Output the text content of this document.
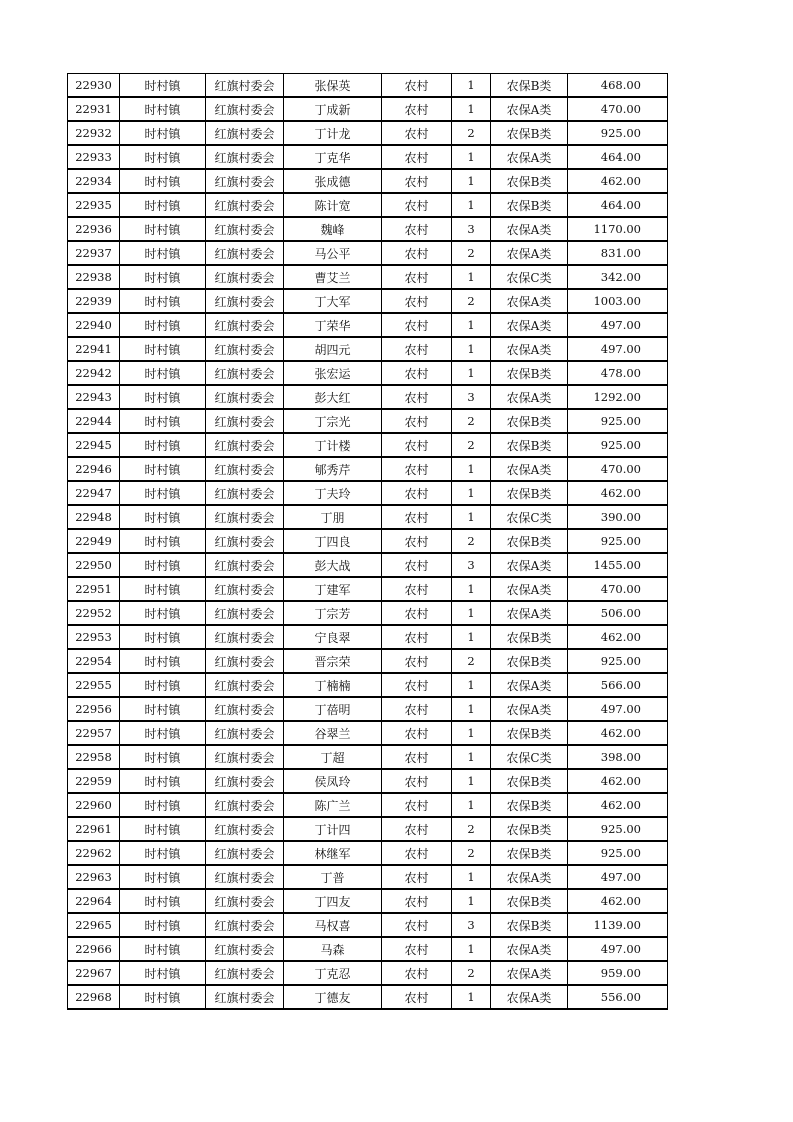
22930	时村镇	红旗村委会	张保英	农村	1	农保B类	468.00
22931	时村镇	红旗村委会	丁成新	农村	1	农保A类	470.00
22932	时村镇	红旗村委会	丁计龙	农村	2	农保B类	925.00
22933	时村镇	红旗村委会	丁克华	农村	1	农保A类	464.00
22934	时村镇	红旗村委会	张成德	农村	1	农保B类	462.00
22935	时村镇	红旗村委会	陈计宽	农村	1	农保B类	464.00
22936	时村镇	红旗村委会	魏峰	农村	3	农保A类	1170.00
22937	时村镇	红旗村委会	马公平	农村	2	农保A类	831.00
22938	时村镇	红旗村委会	曹艾兰	农村	1	农保C类	342.00
22939	时村镇	红旗村委会	丁大军	农村	2	农保A类	1003.00
22940	时村镇	红旗村委会	丁荣华	农村	1	农保A类	497.00
22941	时村镇	红旗村委会	胡四元	农村	1	农保A类	497.00
22942	时村镇	红旗村委会	张宏运	农村	1	农保B类	478.00
22943	时村镇	红旗村委会	彭大红	农村	3	农保A类	1292.00
22944	时村镇	红旗村委会	丁宗光	农村	2	农保B类	925.00
22945	时村镇	红旗村委会	丁计楼	农村	2	农保B类	925.00
22946	时村镇	红旗村委会	郇秀芹	农村	1	农保A类	470.00
22947	时村镇	红旗村委会	丁夫玲	农村	1	农保B类	462.00
22948	时村镇	红旗村委会	丁朋	农村	1	农保C类	390.00
22949	时村镇	红旗村委会	丁四良	农村	2	农保B类	925.00
22950	时村镇	红旗村委会	彭大战	农村	3	农保A类	1455.00
22951	时村镇	红旗村委会	丁建军	农村	1	农保A类	470.00
22952	时村镇	红旗村委会	丁宗芳	农村	1	农保A类	506.00
22953	时村镇	红旗村委会	宁良翠	农村	1	农保B类	462.00
22954	时村镇	红旗村委会	晋宗荣	农村	2	农保B类	925.00
22955	时村镇	红旗村委会	丁楠楠	农村	1	农保A类	566.00
22956	时村镇	红旗村委会	丁蓓明	农村	1	农保A类	497.00
22957	时村镇	红旗村委会	谷翠兰	农村	1	农保B类	462.00
22958	时村镇	红旗村委会	丁超	农村	1	农保C类	398.00
22959	时村镇	红旗村委会	侯凤玲	农村	1	农保B类	462.00
22960	时村镇	红旗村委会	陈广兰	农村	1	农保B类	462.00
22961	时村镇	红旗村委会	丁计四	农村	2	农保B类	925.00
22962	时村镇	红旗村委会	林继军	农村	2	农保B类	925.00
22963	时村镇	红旗村委会	丁普	农村	1	农保A类	497.00
22964	时村镇	红旗村委会	丁四友	农村	1	农保B类	462.00
22965	时村镇	红旗村委会	马权喜	农村	3	农保B类	1139.00
22966	时村镇	红旗村委会	马森	农村	1	农保A类	497.00
22967	时村镇	红旗村委会	丁克忍	农村	2	农保A类	959.00
22968	时村镇	红旗村委会	丁德友	农村	1	农保A类	556.00
